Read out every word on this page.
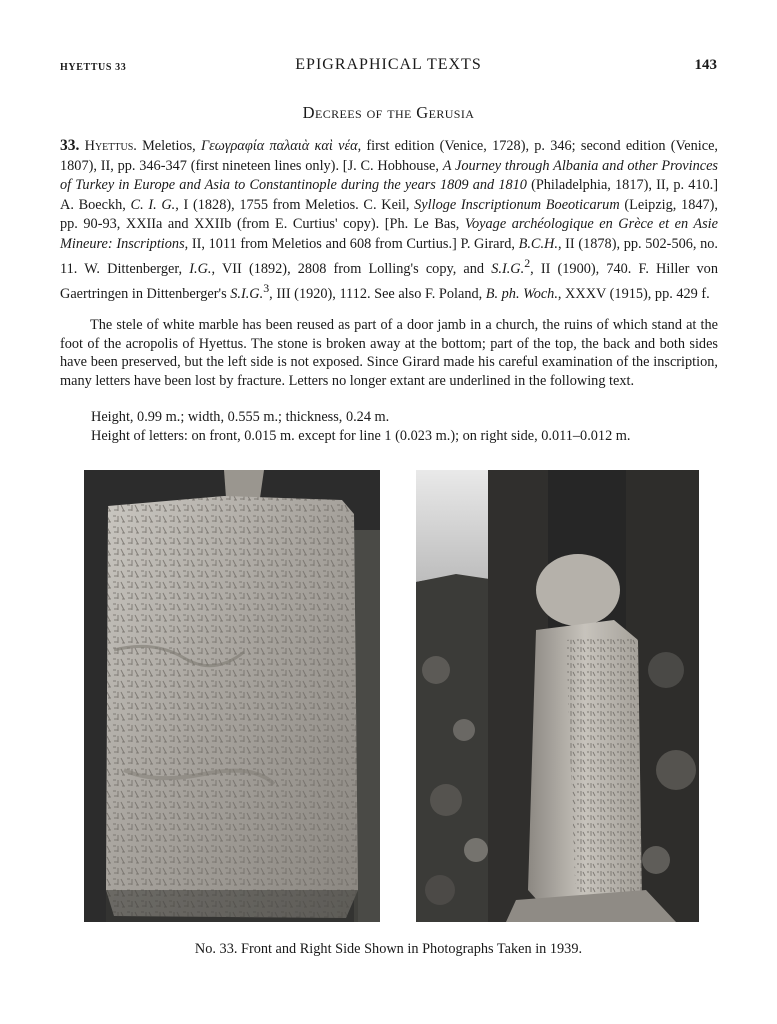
HYETTUS 33	EPIGRAPHICAL TEXTS	143
Decrees of the Gerusia
33. Hyettus. Meletios, Γεωγραφία παλαιὰ καὶ νέα, first edition (Venice, 1728), p. 346; second edition (Venice, 1807), II, pp. 346-347 (first nineteen lines only). [J. C. Hobhouse, A Journey through Albania and other Provinces of Turkey in Europe and Asia to Constantinople during the years 1809 and 1810 (Philadelphia, 1817), II, p. 410.] A. Boeckh, C. I. G., I (1828), 1755 from Meletios. C. Keil, Sylloge Inscriptionum Boeoticarum (Leipzig, 1847), pp. 90-93, XXIIa and XXIIb (from E. Curtius' copy). [Ph. Le Bas, Voyage archéologique en Grèce et en Asie Mineure: Inscriptions, II, 1011 from Meletios and 608 from Curtius.] P. Girard, B.C.H., II (1878), pp. 502-506, no. 11. W. Dittenberger, I.G., VII (1892), 2808 from Lolling's copy, and S.I.G.$^2$, II (1900), 740. F. Hiller von Gaertringen in Dittenberger's S.I.G.$^3$, III (1920), 1112. See also F. Poland, B. ph. Woch., XXXV (1915), pp. 429 f.
The stele of white marble has been reused as part of a door jamb in a church, the ruins of which stand at the foot of the acropolis of Hyettus. The stone is broken away at the bottom; part of the top, the back and both sides have been preserved, but the left side is not exposed. Since Girard made his careful examination of the inscription, many letters have been lost by fracture. Letters no longer extant are underlined in the following text.
Height, 0.99 m.; width, 0.555 m.; thickness, 0.24 m.
Height of letters: on front, 0.015 m. except for line 1 (0.023 m.); on right side, 0.011–0.012 m.
No. 33. Front and Right Side Shown in Photographs Taken in 1939.
